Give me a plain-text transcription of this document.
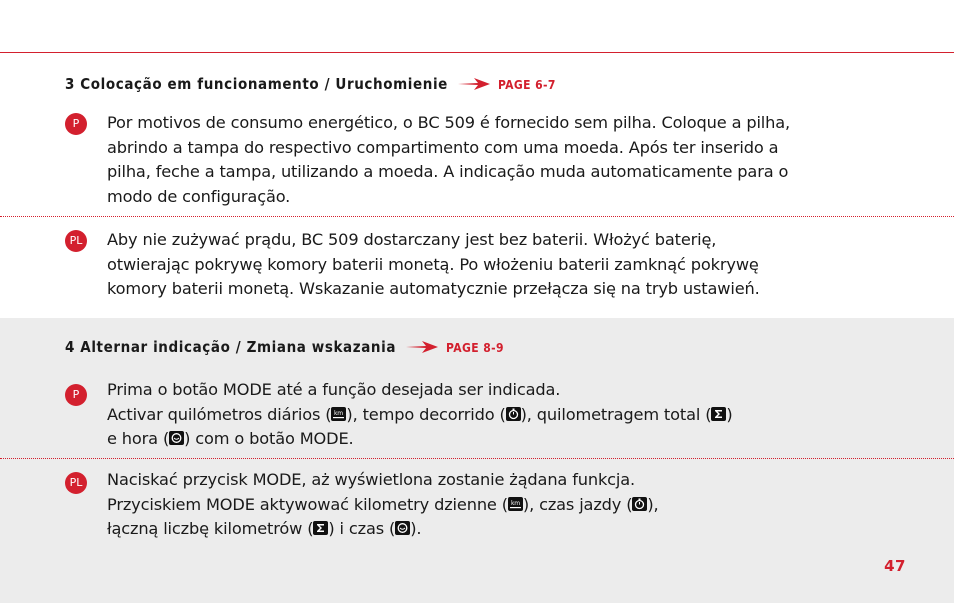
3 Colocação em funcionamento / Uruchomienie	PAGE 6-7
P	Por motivos de consumo energético, o BC 509 é fornecido sem pilha. Coloque a pilha,
abrindo a tampa do respectivo compartimento com uma moeda. Após ter inserido a
pilha, feche a tampa, utilizando a moeda. A indicação muda automaticamente para o
modo de configuração.
PL Aby nie zużywać prądu, BC 509 dostarczany jest bez baterii. Włożyć baterię,
otwierając pokrywę komory baterii monetą. Po włożeniu baterii zamknąć pokrywę
komory baterii monetą. Wskazanie automatycznie przełącza się na tryb ustawień.
4 Alternar indicação / Zmiana wskazania	PAGE 8-9
P	Prima o botão MODE até a função desejada ser indicada.
Activar quilómetros diários ( km ), tempo decorrido ( ), quilometragem total ( )
e hora ( ) com o botão MODE.
PL Naciskać przycisk MODE, aż wyświetlona zostanie żądana funkcja.
Przyciskiem MODE aktywować kilometry dzienne ( km ), czas jazdy ( ),
łączną liczbę kilometrów ( ) i czas ( ).
47
